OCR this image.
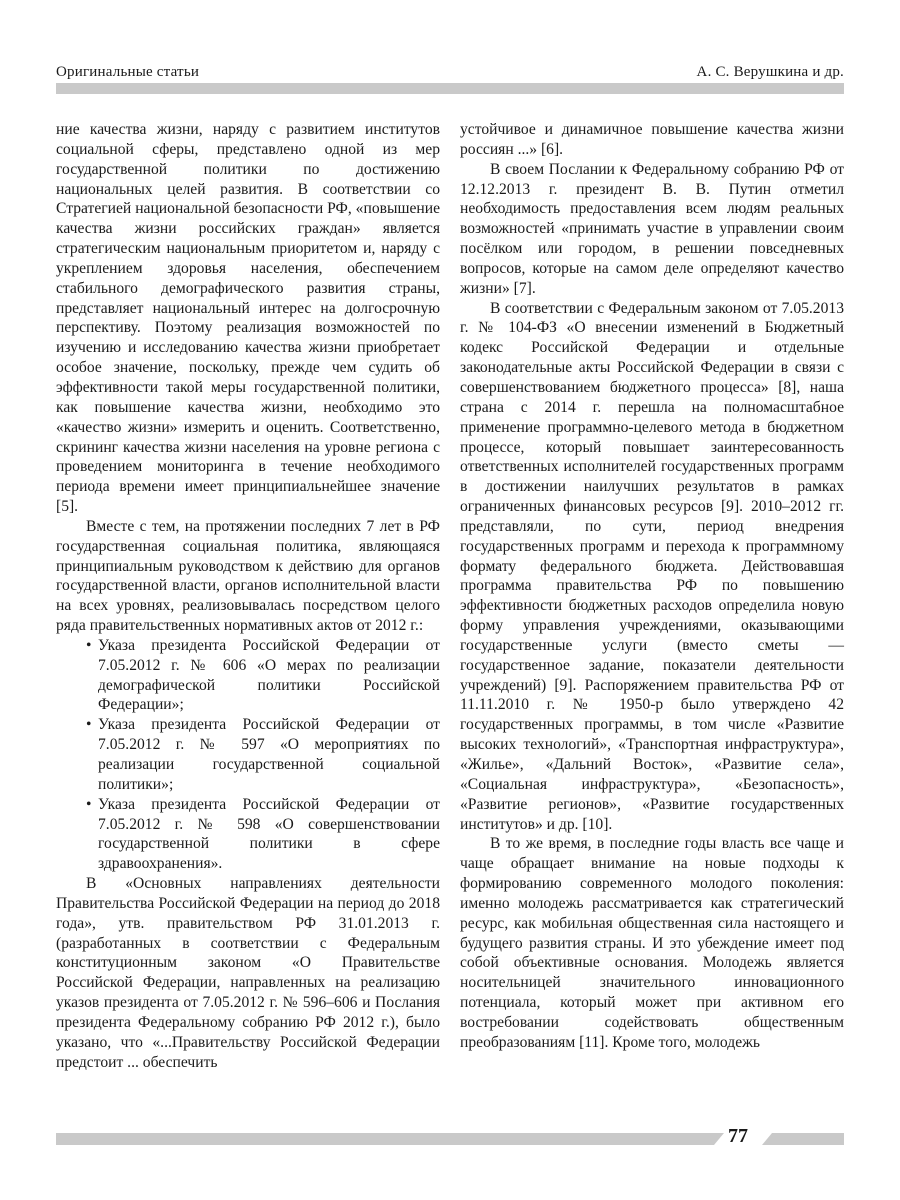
Оригинальные статьи	А. С. Верушкина и др.

ние качества жизни, наряду с развитием институтов социальной сферы, представлено одной из мер государственной политики по достижению национальных целей развития. В соответствии со Стратегией национальной безопасности РФ, «повышение качества жизни российских граждан» является стратегическим национальным приоритетом и, наряду с укреплением здоровья населения, обеспечением стабильного демографического развития страны, представляет национальный интерес на долгосрочную перспективу. Поэтому реализация возможностей по изучению и исследованию качества жизни приобретает особое значение, поскольку, прежде чем судить об эффективности такой меры государственной политики, как повышение качества жизни, необходимо это «качество жизни» измерить и оценить. Соответственно, скрининг качества жизни населения на уровне региона с проведением мониторинга в течение необходимого периода времени имеет принципиальнейшее значение [5].

Вместе с тем, на протяжении последних 7 лет в РФ государственная социальная политика, являющаяся принципиальным руководством к действию для органов государственной власти, органов исполнительной власти на всех уровнях, реализовывалась посредством целого ряда правительственных нормативных актов от 2012 г.:

• Указа президента Российской Федерации от 7.05.2012 г. № 606 «О мерах по реализации демографической политики Российской Федерации»;
• Указа президента Российской Федерации от 7.05.2012 г. № 597 «О мероприятиях по реализации государственной социальной политики»;
• Указа президента Российской Федерации от 7.05.2012 г. № 598 «О совершенствовании государственной политики в сфере здравоохранения».

В «Основных направлениях деятельности Правительства Российской Федерации на период до 2018 года», утв. правительством РФ 31.01.2013 г. (разработанных в соответствии с Федеральным конституционным законом «О Правительстве Российской Федерации, направленных на реализацию указов президента от 7.05.2012 г. № 596–606 и Послания президента Федеральному собранию РФ 2012 г.), было указано, что «...Правительству Российской Федерации предстоит ... обеспечить

устойчивое и динамичное повышение качества жизни россиян ...» [6].

В своем Послании к Федеральному собранию РФ от 12.12.2013 г. президент В. В. Путин отметил необходимость предоставления всем людям реальных возможностей «принимать участие в управлении своим посёлком или городом, в решении повседневных вопросов, которые на самом деле определяют качество жизни» [7].

В соответствии с Федеральным законом от 7.05.2013 г. № 104-ФЗ «О внесении изменений в Бюджетный кодекс Российской Федерации и отдельные законодательные акты Российской Федерации в связи с совершенствованием бюджетного процесса» [8], наша страна с 2014 г. перешла на полномасштабное применение программно-целевого метода в бюджетном процессе, который повышает заинтересованность ответственных исполнителей государственных программ в достижении наилучших результатов в рамках ограниченных финансовых ресурсов [9]. 2010–2012 гг. представляли, по сути, период внедрения государственных программ и перехода к программному формату федерального бюджета. Действовавшая программа правительства РФ по повышению эффективности бюджетных расходов определила новую форму управления учреждениями, оказывающими государственные услуги (вместо сметы — государственное задание, показатели деятельности учреждений) [9]. Распоряжением правительства РФ от 11.11.2010 г. № 1950-р было утверждено 42 государственных программы, в том числе «Развитие высоких технологий», «Транспортная инфраструктура», «Жилье», «Дальний Восток», «Развитие села», «Социальная инфраструктура», «Безопасность», «Развитие регионов», «Развитие государственных институтов» и др. [10].

В то же время, в последние годы власть все чаще и чаще обращает внимание на новые подходы к формированию современного молодого поколения: именно молодежь рассматривается как стратегический ресурс, как мобильная общественная сила настоящего и будущего развития страны. И это убеждение имеет под собой объективные основания. Молодежь является носительницей значительного инновационного потенциала, который может при активном его востребовании содействовать общественным преобразованиям [11]. Кроме того, молодежь

77
